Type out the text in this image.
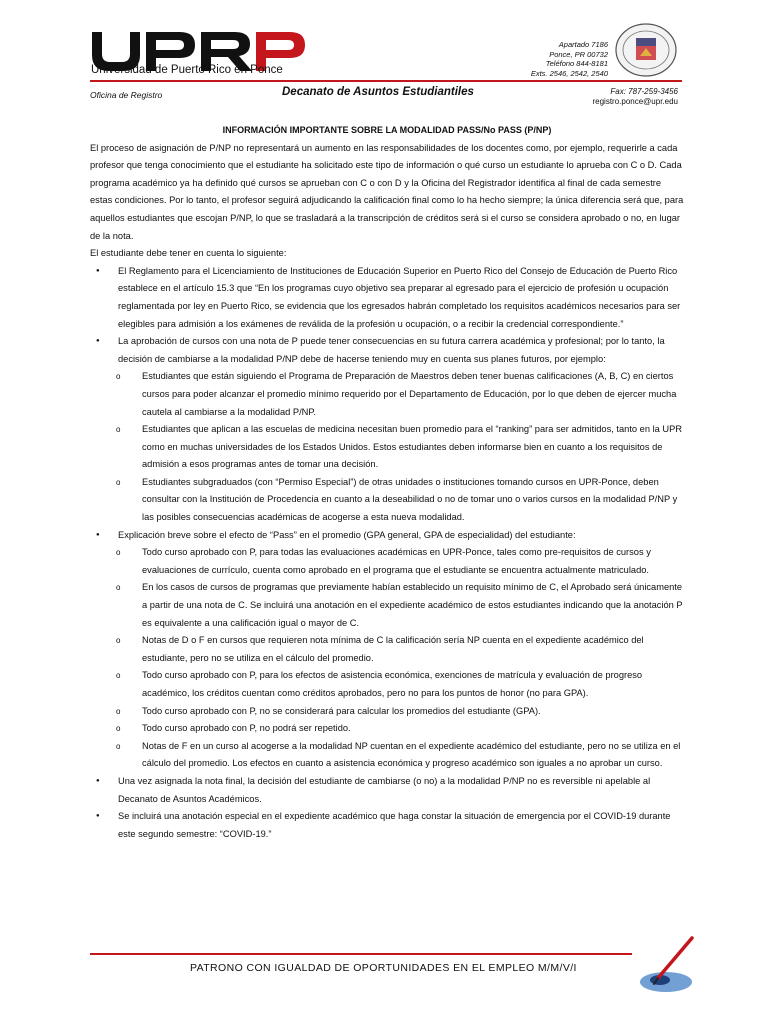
Universidad de Puerto Rico en Ponce
Apartado 7186
Ponce, PR 00732
Teléfono 844-8181
Exts. 2546, 2542, 2540
Oficina de Registro	Decanato de Asuntos Estudiantiles	Fax: 787-259-3456
registro.ponce@upr.edu

INFORMACIÓN IMPORTANTE SOBRE LA MODALIDAD PASS/No PASS (P/NP)

El proceso de asignación de P/NP no representará un aumento en las responsabilidades de los docentes como, por ejemplo, requerirle a cada profesor que tenga conocimiento que el estudiante ha solicitado este tipo de información o qué curso un estudiante lo aprueba con C o D. Cada programa académico ya ha definido qué cursos se aprueban con C o con D y la Oficina del Registrador identifica al final de cada semestre estas condiciones. Por lo tanto, el profesor seguirá adjudicando la calificación final como lo ha hecho siempre; la única diferencia será que, para aquellos estudiantes que escojan P/NP, lo que se trasladará a la transcripción de créditos será si el curso se considera aprobado o no, en lugar de la nota.

El estudiante debe tener en cuenta lo siguiente:

● El Reglamento para el Licenciamiento de Instituciones de Educación Superior en Puerto Rico del Consejo de Educación de Puerto Rico establece en el artículo 15.3 que “En los programas cuyo objetivo sea preparar al egresado para el ejercicio de profesión u ocupación reglamentada por ley en Puerto Rico, se evidencia que los egresados habrán completado los requisitos académicos necesarios para ser elegibles para admisión a los exámenes de reválida de la profesión u ocupación, o a recibir la credencial correspondiente.”
● La aprobación de cursos con una nota de P puede tener consecuencias en su futura carrera académica y profesional; por lo tanto, la decisión de cambiarse a la modalidad P/NP debe de hacerse teniendo muy en cuenta sus planes futuros, por ejemplo:
o Estudiantes que están siguiendo el Programa de Preparación de Maestros deben tener buenas calificaciones (A, B, C) en ciertos cursos para poder alcanzar el promedio mínimo requerido por el Departamento de Educación, por lo que deben de ejercer mucha cautela al cambiarse a la modalidad P/NP.
o Estudiantes que aplican a las escuelas de medicina necesitan buen promedio para el “ranking” para ser admitidos, tanto en la UPR como en muchas universidades de los Estados Unidos. Estos estudiantes deben informarse bien en cuanto a los requisitos de admisión a esos programas antes de tomar una decisión.
o Estudiantes subgraduados (con “Permiso Especial”) de otras unidades o instituciones tomando cursos en UPR-Ponce, deben consultar con la Institución de Procedencia en cuanto a la deseabilidad o no de tomar uno o varios cursos en la modalidad P/NP y las posibles consecuencias académicas de acogerse a esta nueva modalidad.
● Explicación breve sobre el efecto de “Pass” en el promedio (GPA general, GPA de especialidad) del estudiante:
o Todo curso aprobado con P, para todas las evaluaciones académicas en UPR-Ponce, tales como pre-requisitos de cursos y evaluaciones de currículo, cuenta como aprobado en el programa que el estudiante se encuentra actualmente matriculado.
o En los casos de cursos de programas que previamente habían establecido un requisito mínimo de C, el Aprobado será únicamente a partir de una nota de C. Se incluirá una anotación en el expediente académico de estos estudiantes indicando que la anotación P es equivalente a una calificación igual o mayor de C.
o Notas de D o F en cursos que requieren nota mínima de C la calificación sería NP cuenta en el expediente académico del estudiante, pero no se utiliza en el cálculo del promedio.
o Todo curso aprobado con P, para los efectos de asistencia económica, exenciones de matrícula y evaluación de progreso académico, los créditos cuentan como créditos aprobados, pero no para los puntos de honor (no para GPA).
o Todo curso aprobado con P, no se considerará para calcular los promedios del estudiante (GPA).
o Todo curso aprobado con P, no podrá ser repetido.
o Notas de F en un curso al acogerse a la modalidad NP cuentan en el expediente académico del estudiante, pero no se utiliza en el cálculo del promedio. Los efectos en cuanto a asistencia económica y progreso académico son iguales a no aprobar un curso.
● Una vez asignada la nota final, la decisión del estudiante de cambiarse (o no) a la modalidad P/NP no es reversible ni apelable al Decanato de Asuntos Académicos.
● Se incluirá una anotación especial en el expediente académico que haga constar la situación de emergencia por el COVID-19 durante este segundo semestre: “COVID-19.”
PATRONO CON IGUALDAD DE OPORTUNIDADES EN EL EMPLEO M/M/V/I
